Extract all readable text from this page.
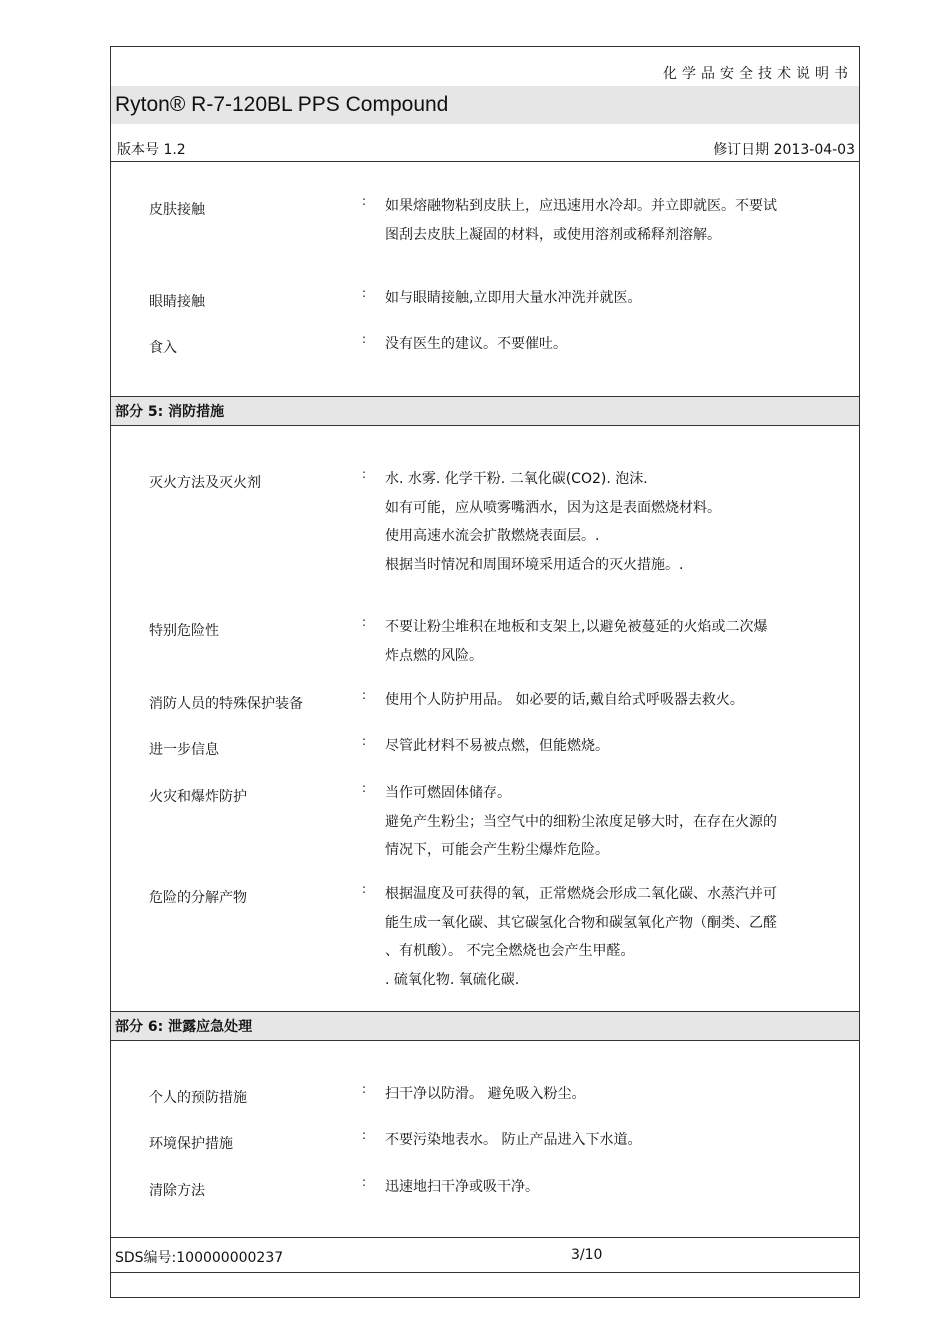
化学品安全技术说明书
Ryton® R-7-120BL PPS Compound
版本号 1.2	修订日期 2013-04-03
皮肤接触
: 如果熔融物粘到皮肤上，应迅速用水冷却。并立即就医。不要试
图刮去皮肤上凝固的材料，或使用溶剂或稀释剂溶解。
眼睛接触
: 如与眼睛接触,立即用大量水冲洗并就医。
食入
: 没有医生的建议。不要催吐。
部分 5: 消防措施
灭火方法及灭火剂
: 水. 水雾. 化学干粉. 二氧化碳(CO2). 泡沫.
如有可能，应从喷雾嘴洒水，因为这是表面燃烧材料。
使用高速水流会扩散燃烧表面层。.
根据当时情况和周围环境采用适合的灭火措施。.
特别危险性
: 不要让粉尘堆积在地板和支架上,以避免被蔓延的火焰或二次爆
炸点燃的风险。
消防人员的特殊保护装备
: 使用个人防护用品。 如必要的话,戴自给式呼吸器去救火。
进一步信息
: 尽管此材料不易被点燃，但能燃烧。
火灾和爆炸防护
: 当作可燃固体储存。
避免产生粉尘；当空气中的细粉尘浓度足够大时，在存在火源的
情况下，可能会产生粉尘爆炸危险。
危险的分解产物
: 根据温度及可获得的氧，正常燃烧会形成二氧化碳、水蒸汽并可
能生成一氧化碳、其它碳氢化合物和碳氢氧化产物（酮类、乙醛
、有机酸）。 不完全燃烧也会产生甲醛。
. 硫氧化物. 氧硫化碳.
部分 6: 泄露应急处理
个人的预防措施
: 扫干净以防滑。 避免吸入粉尘。
环境保护措施
: 不要污染地表水。 防止产品进入下水道。
清除方法
: 迅速地扫干净或吸干净。
SDS编号:100000000237	3/10
